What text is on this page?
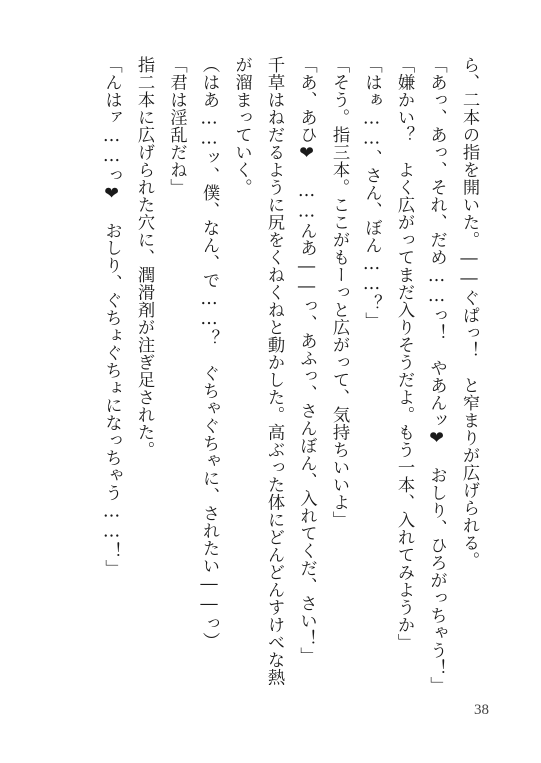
ら、二本の指を開いた。――ぐぱっ！　と窄まりが広げられる。
「あっ、あっ、それ、だめ……っ！　やあんッ❤　おしり、ひろがっちゃう！」
「嫌かい？　よく広がってまだ入りそうだよ。もう一本、入れてみようか」
「はぁ……、さん、ぼん……？」
「そう。指三本。ここがもーっと広がって、気持ちいいよ」
「あ、あひ❤　……んあ――っ、あふっ、さんぼん、入れてくだ、さい！」
千草はねだるように尻をくねくねと動かした。高ぶった体にどんどんすけべな熱
が溜まっていく。
（はあ……ッ、僕、なん、で……？　ぐちゃぐちゃに、されたい――っ）
「君は淫乱だね」
指二本に広げられた穴に、潤滑剤が注ぎ足された。
「んはァ……っ❤　おしり、ぐちょぐちょになっちゃう……！」
38
